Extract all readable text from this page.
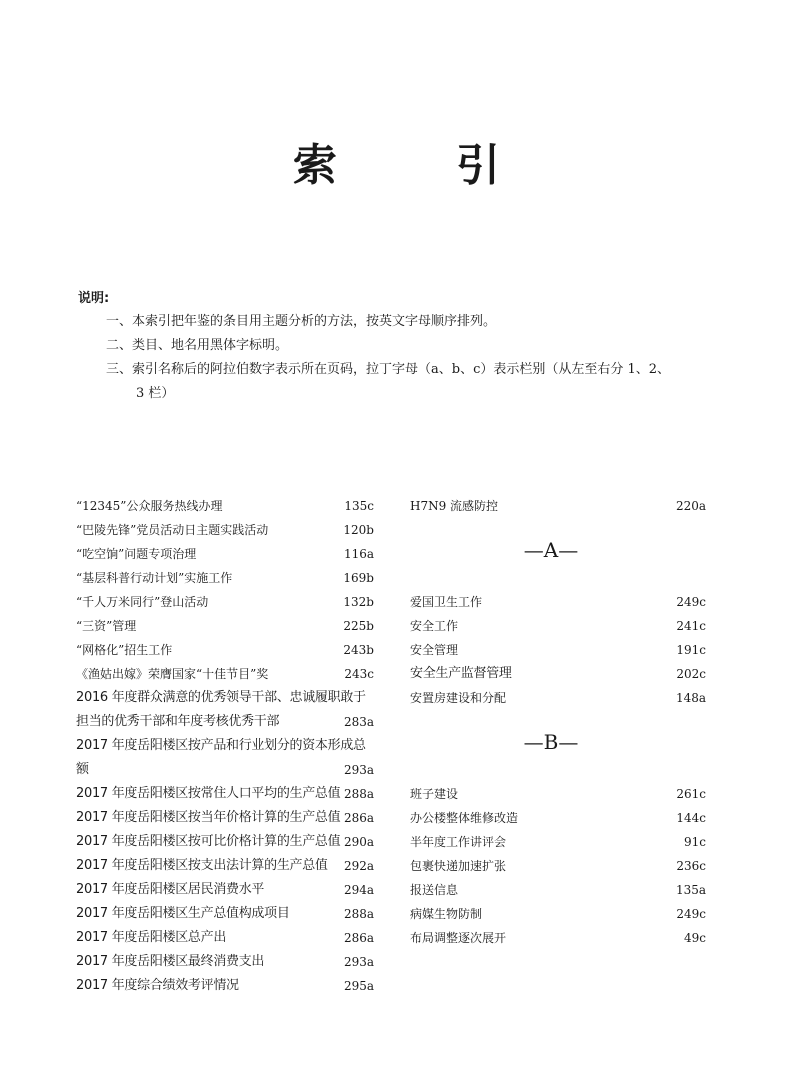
索 引
说明:
一、本索引把年鉴的条目用主题分析的方法，按英文字母顺序排列。
二、类目、地名用黑体字标明。
三、索引名称后的阿拉伯数字表示所在页码，拉丁字母（a、b、c）表示栏别（从左至右分 1、2、
3 栏）
“12345”公众服务热线办理	135c
“巴陵先锋”党员活动日主题实践活动	120b
“吃空饷”问题专项治理	116a
“基层科普行动计划”实施工作	169b
“千人万米同行”登山活动	132b
“三资”管理	225b
“网格化”招生工作	243b
《渔姑出嫁》荣膺国家“十佳节目”奖	243c
2016 年度群众满意的优秀领导干部、忠诚履职敢于担当的优秀干部和年度考核优秀干部	283a
2017 年度岳阳楼区按产品和行业划分的资本形成总额	293a
2017 年度岳阳楼区按常住人口平均的生产总值 288a
2017 年度岳阳楼区按当年价格计算的生产总值 286a
2017 年度岳阳楼区按可比价格计算的生产总值 290a
2017 年度岳阳楼区按支出法计算的生产总值 292a
2017 年度岳阳楼区居民消费水平	294a
2017 年度岳阳楼区生产总值构成项目	288a
2017 年度岳阳楼区总产出	286a
2017 年度岳阳楼区最终消费支出	293a
2017 年度综合绩效考评情况	295a
H7N9 流感防控	220a
—A—
爱国卫生工作	249c
安全工作	241c
安全管理	191c
安全生产监督管理	202c
安置房建设和分配	148a
—B—
班子建设	261c
办公楼整体维修改造	144c
半年度工作讲评会	91c
包裹快递加速扩张	236c
报送信息	135a
病媒生物防制	249c
布局调整逐次展开	49c
